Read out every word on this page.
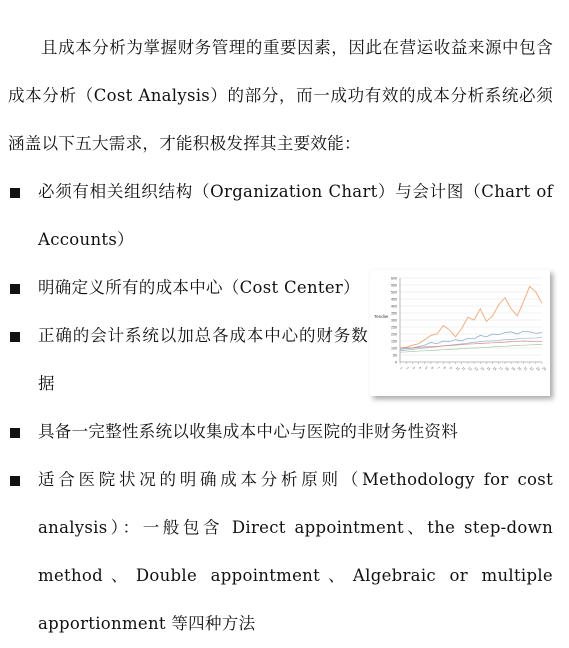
且成本分析为掌握财务管理的重要因素，因此在营运收益来源中包含成本分析（Cost Analysis）的部分，而一成功有效的成本分析系统必须涵盖以下五大需求，才能积极发挥其主要效能：
必须有相关组织结构（Organization Chart）与会计图（Chart of Accounts）
明确定义所有的成本中心（Cost Center）
正确的会计系统以加总各成本中心的财务数据
具备一完整性系统以收集成本中心与医院的非财务性资料
适合医院状况的明确成本分析原则（Methodology for cost analysis）：一般包含 Direct appointment、the step-down method、Double appointment、Algebraic or multiple apportionment 等四种方法
600
550
500
450
400
350
300
250
200
150
100
50
0
Tendier
1 2 3 4 5 6 7 8 9 10 11 12 13 14 15 16 17 18 19 20 21 22 23 24
